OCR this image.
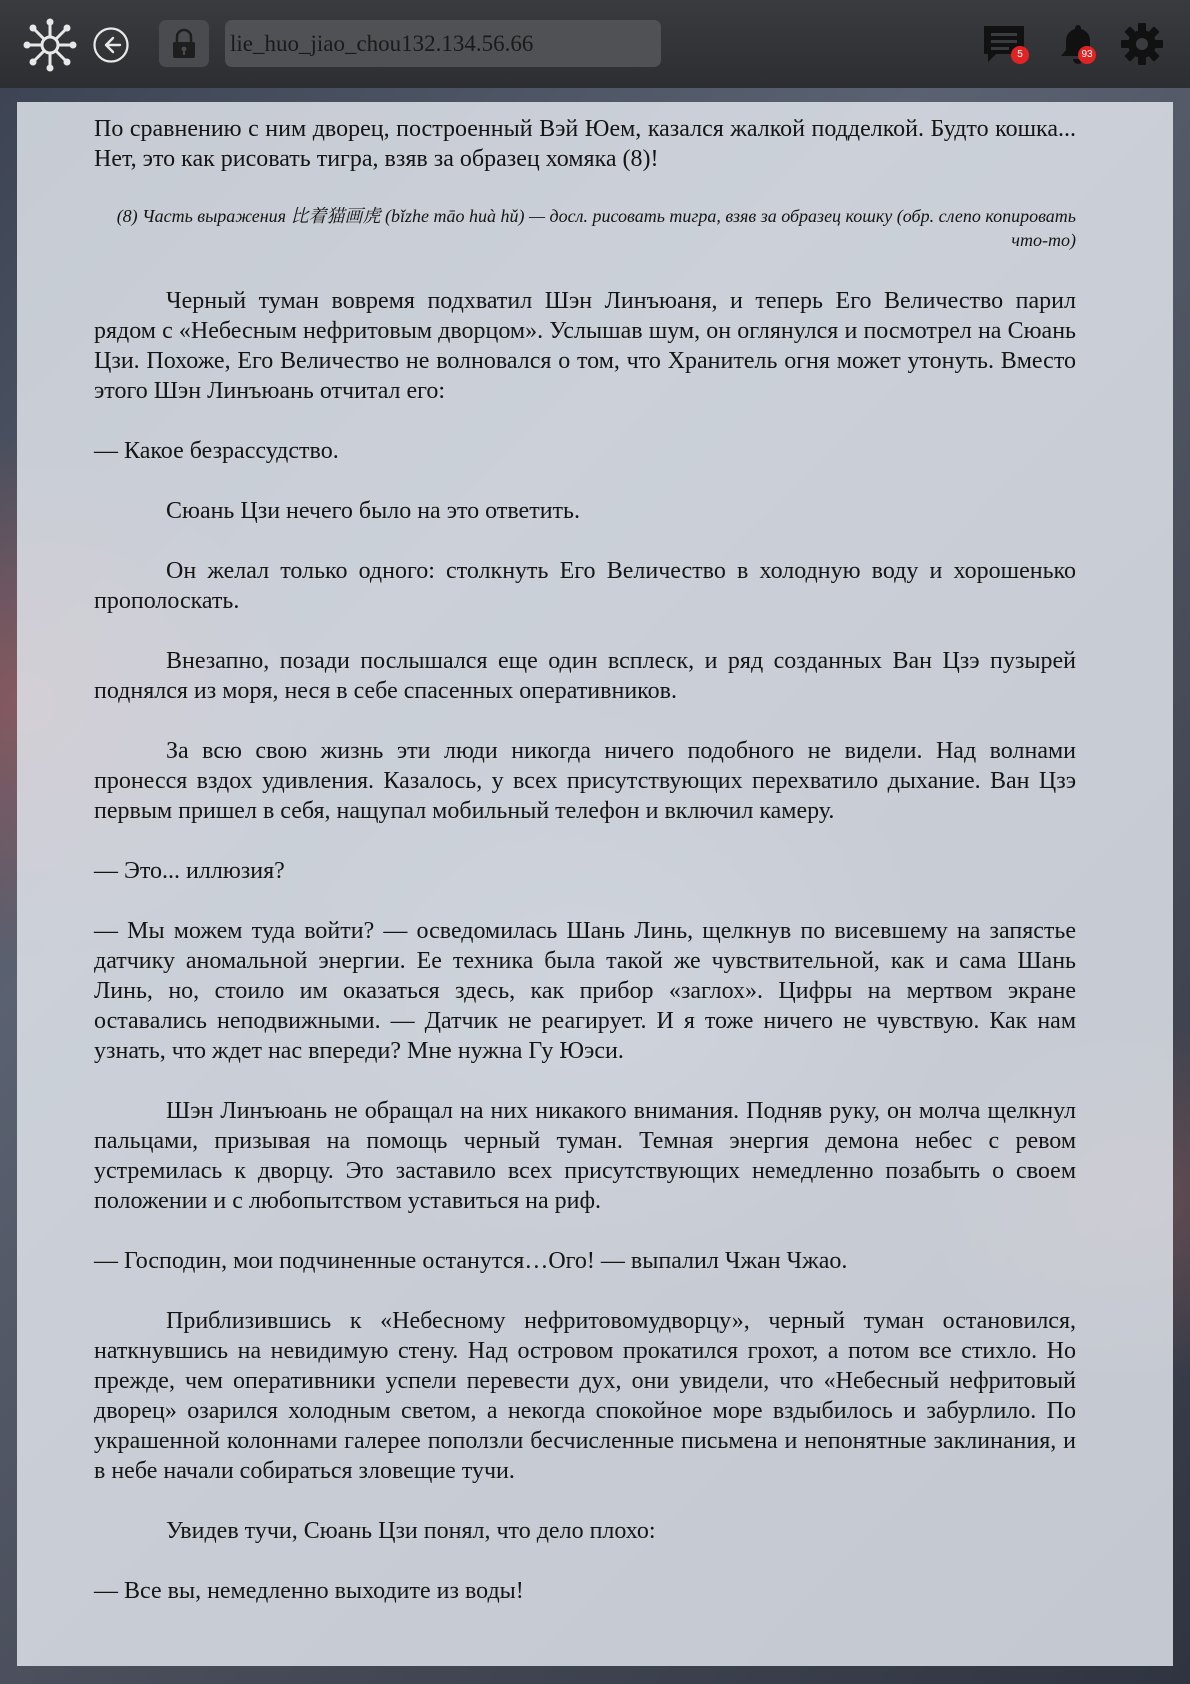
lie_huo_jiao_chou132.134.56.66
5	93

По сравнению с ним дворец, построенный Вэй Юем, казался жалкой подделкой. Будто кошка... Нет, это как рисовать тигра, взяв за образец хомяка (8)!

(8) Часть выражения 比着猫画虎 (bǐzhe māo huà hǔ) — досл. рисовать тигра, взяв за образец кошку (обр. слепо копировать что-то)

Черный туман вовремя подхватил Шэн Линъюаня, и теперь Его Величество парил рядом с «Небесным нефритовым дворцом». Услышав шум, он оглянулся и посмотрел на Сюань Цзи. Похоже, Его Величество не волновался о том, что Хранитель огня может утонуть. Вместо этого Шэн Линъюань отчитал его:

— Какое безрассудство.

Сюань Цзи нечего было на это ответить.

Он желал только одного: столкнуть Его Величество в холодную воду и хорошенько прополоскать.

Внезапно, позади послышался еще один всплеск, и ряд созданных Ван Цзэ пузырей поднялся из моря, неся в себе спасенных оперативников.

За всю свою жизнь эти люди никогда ничего подобного не видели. Над волнами пронесся вздох удивления. Казалось, у всех присутствующих перехватило дыхание. Ван Цзэ первым пришел в себя, нащупал мобильный телефон и включил камеру.

— Это... иллюзия?

— Мы можем туда войти? — осведомилась Шань Линь, щелкнув по висевшему на запястье датчику аномальной энергии. Ее техника была такой же чувствительной, как и сама Шань Линь, но, стоило им оказаться здесь, как прибор «заглох». Цифры на мертвом экране оставались неподвижными. — Датчик не реагирует. И я тоже ничего не чувствую. Как нам узнать, что ждет нас впереди? Мне нужна Гу Юэси.

Шэн Линъюань не обращал на них никакого внимания. Подняв руку, он молча щелкнул пальцами, призывая на помощь черный туман. Темная энергия демона небес с ревом устремилась к дворцу. Это заставило всех присутствующих немедленно позабыть о своем положении и с любопытством уставиться на риф.

— Господин, мои подчиненные останутся…Ого! — выпалил Чжан Чжао.

Приблизившись к «Небесному нефритовомудворцу», черный туман остановился, наткнувшись на невидимую стену. Над островом прокатился грохот, а потом все стихло. Но прежде, чем оперативники успели перевести дух, они увидели, что «Небесный нефритовый дворец» озарился холодным светом, а некогда спокойное море вздыбилось и забурлило. По украшенной колоннами галерее поползли бесчисленные письмена и непонятные заклинания, и в небе начали собираться зловещие тучи.

Увидев тучи, Сюань Цзи понял, что дело плохо:

— Все вы, немедленно выходите из воды!
